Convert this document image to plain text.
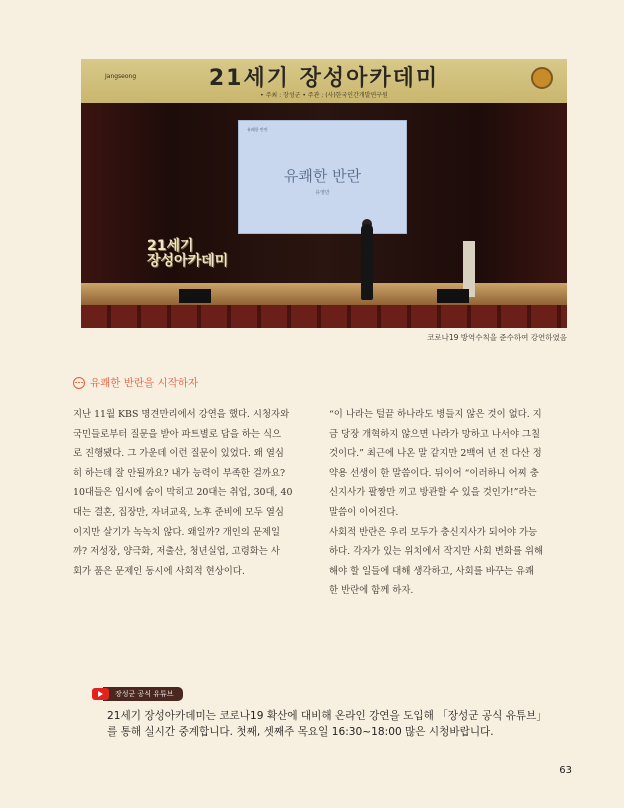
Jangseong	21세기 장성아카데미
• 주최 : 장성군 • 주관 : (사)한국인간개발연구원
유쾌한 반란
유쾌한 반란
유영만
21세기
장성아카데미
코로나19 방역수칙을 준수하여 강연하였음
유쾌한 반란을 시작하자
지난 11월 KBS 명견만리에서 강연을 했다. 시청자와
국민들로부터 질문을 받아 파트별로 답을 하는 식으
로 진행됐다. 그 가운데 이런 질문이 있었다. 왜 열심
히 하는데 잘 안될까요? 내가 능력이 부족한 걸까요?
10대들은 입시에 숨이 막히고 20대는 취업, 30대, 40
대는 결혼, 집장만, 자녀교육, 노후 준비에 모두 열심
이지만 살기가 녹녹치 않다. 왜일까? 개인의 문제일
까? 저성장, 양극화, 저출산, 청년실업, 고령화는 사
회가 품은 문제인 동시에 사회적 현상이다.
“이 나라는 털끝 하나라도 병들지 않은 것이 없다. 지
금 당장 개혁하지 않으면 나라가 망하고 나서야 그칠
것이다.” 최근에 나온 말 같지만 2백여 년 전 다산 정
약용 선생이 한 말씀이다. 뒤이어 “이러하니 어찌 충
신지사가 팔짱만 끼고 방관할 수 있을 것인가!”라는
말씀이 이어진다.
사회적 반란은 우리 모두가 충신지사가 되어야 가능
하다. 각자가 있는 위치에서 작지만 사회 변화를 위해
해야 할 일들에 대해 생각하고, 사회를 바꾸는 유쾌
한 반란에 함께 하자.
장성군 공식 유튜브
21세기 장성아카데미는 코로나19 확산에 대비해 온라인 강연을 도입해 「장성군 공식 유튜브」
를 통해 실시간 중계합니다. 첫째, 셋째주 목요일 16:30~18:00 많은 시청바랍니다.
63
